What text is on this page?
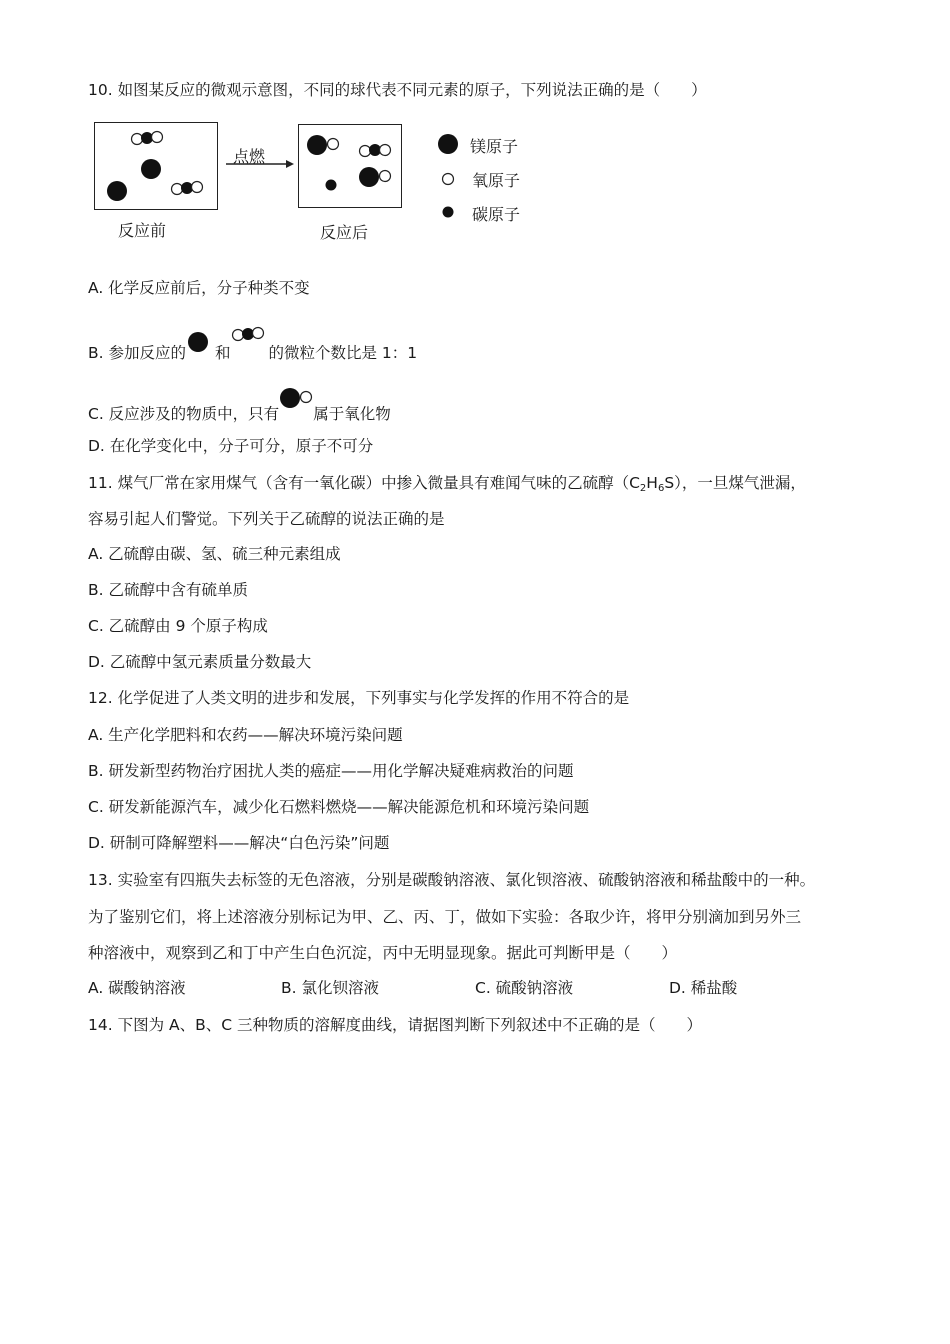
10. 如图某反应的微观示意图，不同的球代表不同元素的原子，下列说法正确的是（　　）
反应前
点燃
反应后
镁原子
氧原子
碳原子
A. 化学反应前后，分子种类不变
B. 参加反应的 和 的微粒个数比是 1：1
C. 反应涉及的物质中，只有 属于氧化物
D. 在化学变化中，分子可分，原子不可分
11. 煤气厂常在家用煤气（含有一氧化碳）中掺入微量具有难闻气味的乙硫醇$(C_2H_6S)$，一旦煤气泄漏，
容易引起人们警觉。下列关于乙硫醇的说法正确的是
A. 乙硫醇由碳、氢、硫三种元素组成
B. 乙硫醇中含有硫单质
C. 乙硫醇由 9 个原子构成
D. 乙硫醇中氢元素质量分数最大
12. 化学促进了人类文明的进步和发展，下列事实与化学发挥的作用不符合的是
A. 生产化学肥料和农药——解决环境污染问题
B. 研发新型药物治疗困扰人类的癌症——用化学解决疑难病救治的问题
C. 研发新能源汽车，减少化石燃料燃烧——解决能源危机和环境污染问题
D. 研制可降解塑料——解决“白色污染”问题
13. 实验室有四瓶失去标签的无色溶液，分别是碳酸钠溶液、氯化钡溶液、硫酸钠溶液和稀盐酸中的一种。
为了鉴别它们，将上述溶液分别标记为甲、乙、丙、丁，做如下实验：各取少许，将甲分别滴加到另外三
种溶液中，观察到乙和丁中产生白色沉淀，丙中无明显现象。据此可判断甲是（　　）
A. 碳酸钠溶液	B. 氯化钡溶液	C. 硫酸钠溶液	D. 稀盐酸
14. 下图为 A、B、C 三种物质的溶解度曲线，请据图判断下列叙述中不正确的是（　　）
